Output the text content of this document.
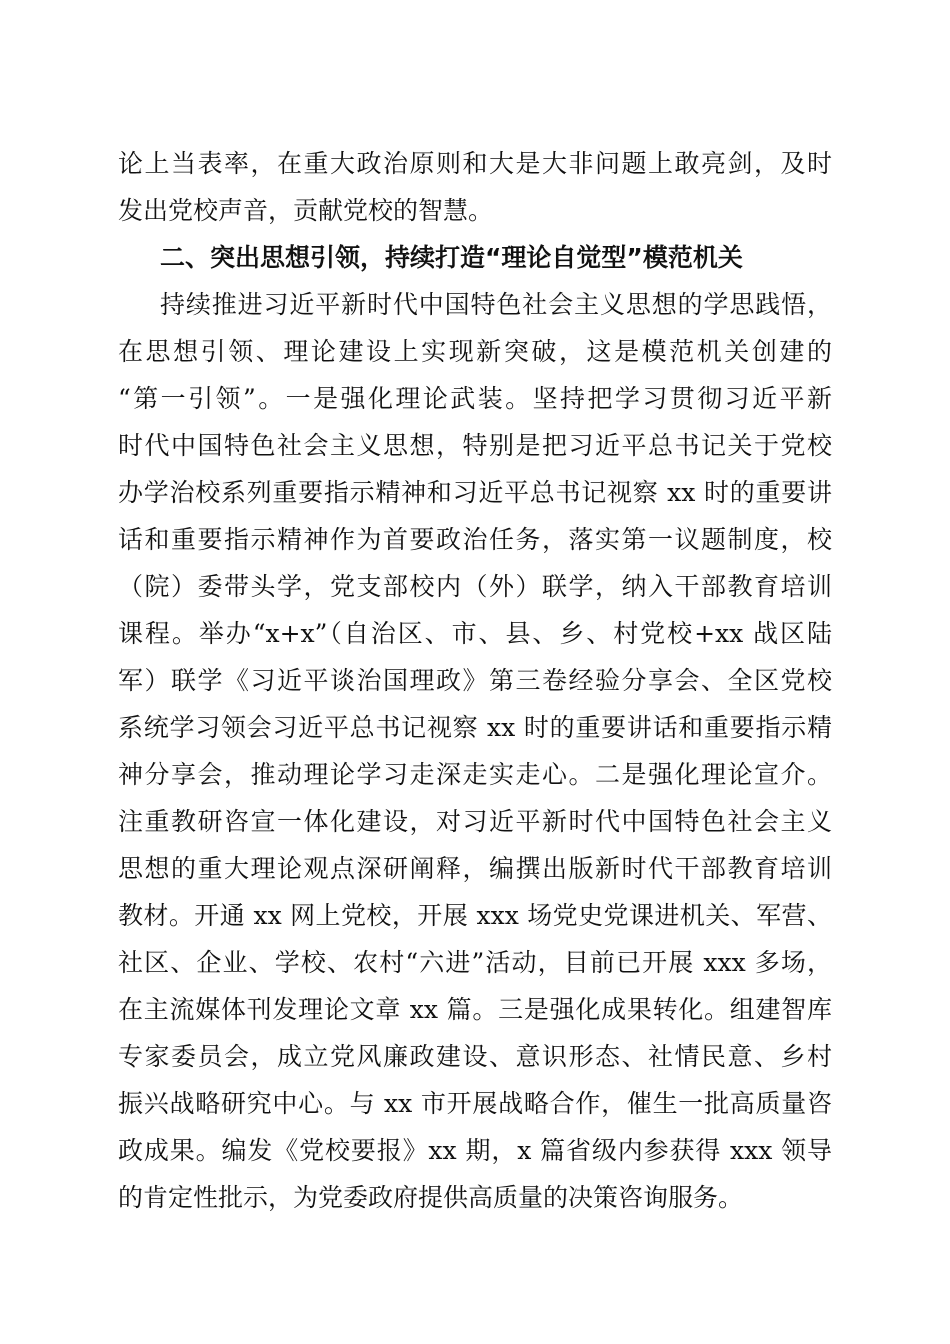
论上当表率，在重大政治原则和大是大非问题上敢亮剑，及时
发出党校声音，贡献党校的智慧。
二、突出思想引领，持续打造“理论自觉型”模范机关
持续推进习近平新时代中国特色社会主义思想的学思践悟，
在思想引领、理论建设上实现新突破，这是模范机关创建的
“第一引领”。一是强化理论武装。坚持把学习贯彻习近平新
时代中国特色社会主义思想，特别是把习近平总书记关于党校
办学治校系列重要指示精神和习近平总书记视察 xx 时的重要讲
话和重要指示精神作为首要政治任务，落实第一议题制度，校
（院）委带头学，党支部校内（外）联学，纳入干部教育培训
课程。举办“x+x”（自治区、市、县、乡、村党校+xx 战区陆
军）联学《习近平谈治国理政》第三卷经验分享会、全区党校
系统学习领会习近平总书记视察 xx 时的重要讲话和重要指示精
神分享会，推动理论学习走深走实走心。二是强化理论宣介。
注重教研咨宣一体化建设，对习近平新时代中国特色社会主义
思想的重大理论观点深研阐释，编撰出版新时代干部教育培训
教材。开通 xx 网上党校，开展 xxx 场党史党课进机关、军营、
社区、企业、学校、农村“六进”活动，目前已开展 xxx 多场，
在主流媒体刊发理论文章 xx 篇。三是强化成果转化。组建智库
专家委员会，成立党风廉政建设、意识形态、社情民意、乡村
振兴战略研究中心。与 xx 市开展战略合作，催生一批高质量咨
政成果。编发《党校要报》xx 期，x 篇省级内参获得 xxx 领导
的肯定性批示，为党委政府提供高质量的决策咨询服务。
